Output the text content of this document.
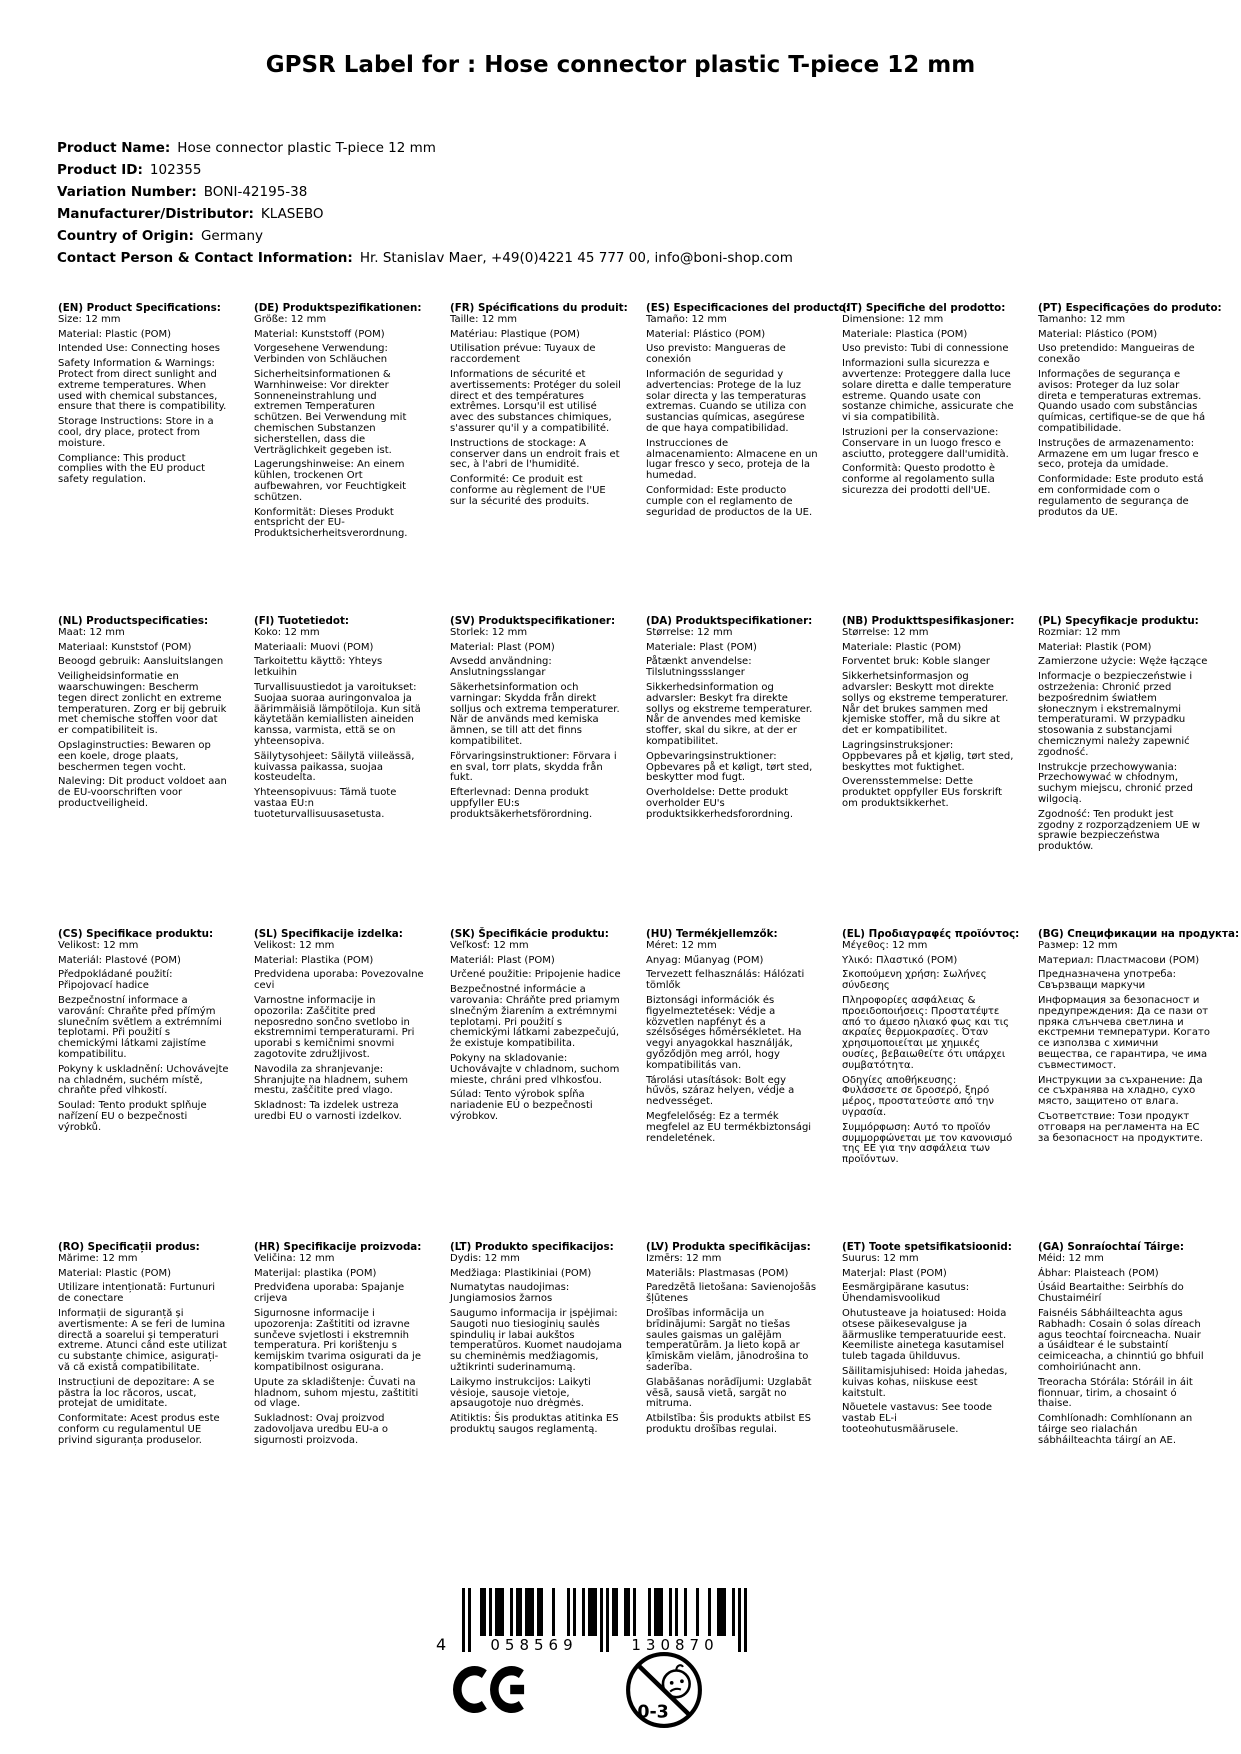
GPSR Label for : Hose connector plastic T-piece 12 mm
Product Name: Hose connector plastic T-piece 12 mm
Product ID: 102355
Variation Number: BONI-42195-38
Manufacturer/Distributor: KLASEBO
Country of Origin: Germany
Contact Person & Contact Information: Hr. Stanislav Maer, +49(0)4221 45 777 00, info@boni-shop.com
(EN) Product Specifications:

Size: 12 mm

Material: Plastic (POM)

Intended Use: Connecting hoses

Safety Information & Warnings: Protect from direct sunlight and extreme temperatures. When used with chemical substances, ensure that there is compatibility.

Storage Instructions: Store in a cool, dry place, protect from moisture.

Compliance: This product complies with the EU product safety regulation.

(DE) Produktspezifikationen:

Größe: 12 mm

Material: Kunststoff (POM)

Vorgesehene Verwendung: Verbinden von Schläuchen

Sicherheitsinformationen & Warnhinweise: Vor direkter Sonneneinstrahlung und extremen Temperaturen schützen. Bei Verwendung mit chemischen Substanzen sicherstellen, dass die Verträglichkeit gegeben ist.

Lagerungshinweise: An einem kühlen, trockenen Ort aufbewahren, vor Feuchtigkeit schützen.

Konformität: Dieses Produkt entspricht der EU-Produktsicherheitsverordnung.

(FR) Spécifications du produit:

Taille: 12 mm

Matériau: Plastique (POM)

Utilisation prévue: Tuyaux de raccordement

Informations de sécurité et avertissements: Protéger du soleil direct et des températures extrêmes. Lorsqu'il est utilisé avec des substances chimiques, s'assurer qu'il y a compatibilité.

Instructions de stockage: A conserver dans un endroit frais et sec, à l'abri de l'humidité.

Conformité: Ce produit est conforme au règlement de l'UE sur la sécurité des produits.

(ES) Especificaciones del producto:

Tamaño: 12 mm

Material: Plástico (POM)

Uso previsto: Mangueras de conexión

Información de seguridad y advertencias: Protege de la luz solar directa y las temperaturas extremas. Cuando se utiliza con sustancias químicas, asegúrese de que haya compatibilidad.

Instrucciones de almacenamiento: Almacene en un lugar fresco y seco, proteja de la humedad.

Conformidad: Este producto cumple con el reglamento de seguridad de productos de la UE.

(IT) Specifiche del prodotto:

Dimensione: 12 mm

Materiale: Plastica (POM)

Uso previsto: Tubi di connessione

Informazioni sulla sicurezza e avvertenze: Proteggere dalla luce solare diretta e dalle temperature estreme. Quando usate con sostanze chimiche, assicurate che vi sia compatibilità.

Istruzioni per la conservazione: Conservare in un luogo fresco e asciutto, proteggere dall'umidità.

Conformità: Questo prodotto è conforme al regolamento sulla sicurezza dei prodotti dell'UE.

(PT) Especificações do produto:

Tamanho: 12 mm

Material: Plástico (POM)

Uso pretendido: Mangueiras de conexão

Informações de segurança e avisos: Proteger da luz solar direta e temperaturas extremas. Quando usado com substâncias químicas, certifique-se de que há compatibilidade.

Instruções de armazenamento: Armazene em um lugar fresco e seco, proteja da umidade.

Conformidade: Este produto está em conformidade com o regulamento de segurança de produtos da UE.

(NL) Productspecificaties:

Maat: 12 mm

Materiaal: Kunststof (POM)

Beoogd gebruik: Aansluitslangen

Veiligheidsinformatie en waarschuwingen: Bescherm tegen direct zonlicht en extreme temperaturen. Zorg er bij gebruik met chemische stoffen voor dat er compatibiliteit is.

Opslaginstructies: Bewaren op een koele, droge plaats, beschermen tegen vocht.

Naleving: Dit product voldoet aan de EU-voorschriften voor productveiligheid.

(FI) Tuotetiedot:

Koko: 12 mm

Materiaali: Muovi (POM)

Tarkoitettu käyttö: Yhteys letkuihin

Turvallisuustiedot ja varoitukset: Suojaa suoraa auringonvaloa ja äärimmäisiä lämpötiloja. Kun sitä käytetään kemiallisten aineiden kanssa, varmista, että se on yhteensopiva.

Säilytysohjeet: Säilytä viileässä, kuivassa paikassa, suojaa kosteudelta.

Yhteensopivuus: Tämä tuote vastaa EU:n tuoteturvallisuusasetusta.

(SV) Produktspecifikationer:

Storlek: 12 mm

Material: Plast (POM)

Avsedd användning: Anslutningsslangar

Säkerhetsinformation och varningar: Skydda från direkt solljus och extrema temperaturer. När de används med kemiska ämnen, se till att det finns kompatibilitet.

Förvaringsinstruktioner: Förvara i en sval, torr plats, skydda från fukt.

Efterlevnad: Denna produkt uppfyller EU:s produktsäkerhetsförordning.

(DA) Produktspecifikationer:

Størrelse: 12 mm

Materiale: Plast (POM)

Påtænkt anvendelse: Tilslutningssslanger

Sikkerhedsinformation og advarsler: Beskyt fra direkte sollys og ekstreme temperaturer. Når de anvendes med kemiske stoffer, skal du sikre, at der er kompatibilitet.

Opbevaringsinstruktioner: Opbevares på et køligt, tørt sted, beskytter mod fugt.

Overholdelse: Dette produkt overholder EU's produktsikkerhedsforordning.

(NB) Produkttspesifikasjoner:

Størrelse: 12 mm

Materiale: Plastic (POM)

Forventet bruk: Koble slanger

Sikkerhetsinformasjon og advarsler: Beskytt mot direkte sollys og ekstreme temperaturer. Når det brukes sammen med kjemiske stoffer, må du sikre at det er kompatibilitet.

Lagringsinstruksjoner: Oppbevares på et kjølig, tørt sted, beskyttes mot fuktighet.

Overensstemmelse: Dette produktet oppfyller EUs forskrift om produktsikkerhet.

(PL) Specyfikacje produktu:

Rozmiar: 12 mm

Materiał: Plastik (POM)

Zamierzone użycie: Węże łączące

Informacje o bezpieczeństwie i ostrzeżenia: Chronić przed bezpośrednim światłem słonecznym i ekstremalnymi temperaturami. W przypadku stosowania z substancjami chemicznymi należy zapewnić zgodność.

Instrukcje przechowywania: Przechowywać w chłodnym, suchym miejscu, chronić przed wilgocią.

Zgodność: Ten produkt jest zgodny z rozporządzeniem UE w sprawie bezpieczeństwa produktów.

(CS) Specifikace produktu:

Velikost: 12 mm

Materiál: Plastové (POM)

Předpokládané použití: Připojovací hadice

Bezpečnostní informace a varování: Chraňte před přímým slunečním světlem a extrémními teplotami. Při použití s chemickými látkami zajistíme kompatibilitu.

Pokyny k uskladnění: Uchovávejte na chladném, suchém místě, chraňte před vlhkostí.

Soulad: Tento produkt splňuje nařízení EU o bezpečnosti výrobků.

(SL) Specifikacije izdelka:

Velikost: 12 mm

Material: Plastika (POM)

Predvidena uporaba: Povezovalne cevi

Varnostne informacije in opozorila: Zaščitite pred neposredno sončno svetlobo in ekstremnimi temperaturami. Pri uporabi s kemičnimi snovmi zagotovite združljivost.

Navodila za shranjevanje: Shranjujte na hladnem, suhem mestu, zaščitite pred vlago.

Skladnost: Ta izdelek ustreza uredbi EU o varnosti izdelkov.

(SK) Špecifikácie produktu:

Veľkosť: 12 mm

Materiál: Plast (POM)

Určené použitie: Pripojenie hadice

Bezpečnostné informácie a varovania: Chráňte pred priamym slnečným žiarením a extrémnymi teplotami. Pri použití s chemickými látkami zabezpečujú, že existuje kompatibilita.

Pokyny na skladovanie: Uchovávajte v chladnom, suchom mieste, chráni pred vlhkosťou.

Súlad: Tento výrobok spĺňa nariadenie EÚ o bezpečnosti výrobkov.

(HU) Termékjellemzők:

Méret: 12 mm

Anyag: Műanyag (POM)

Tervezett felhasználás: Hálózati tömlők

Biztonsági információk és figyelmeztetések: Védje a közvetlen napfényt és a szélsőséges hőmérsékletet. Ha vegyi anyagokkal használják, győződjön meg arról, hogy kompatibilitás van.

Tárolási utasítások: Bolt egy hűvös, száraz helyen, védje a nedvességet.

Megfelelőség: Ez a termék megfelel az EU termékbiztonsági rendeletének.

(EL) Προδιαγραφές προϊόντος:

Μέγεθος: 12 mm

Υλικό: Πλαστικό (POM)

Σκοπούμενη χρήση: Σωλήνες σύνδεσης

Πληροφορίες ασφάλειας & προειδοποιήσεις: Προστατέψτε από το άμεσο ηλιακό φως και τις ακραίες θερμοκρασίες. Όταν χρησιμοποιείται με χημικές ουσίες, βεβαιωθείτε ότι υπάρχει συμβατότητα.

Οδηγίες αποθήκευσης: Φυλάσσετε σε δροσερό, ξηρό μέρος, προστατεύστε από την υγρασία.

Συμμόρφωση: Αυτό το προϊόν συμμορφώνεται με τον κανονισμό της ΕΕ για την ασφάλεια των προϊόντων.

(BG) Спецификации на продукта:

Размер: 12 mm

Материал: Пластмасови (POM)

Предназначена употреба: Свързващи маркучи

Информация за безопасност и предупреждения: Да се пази от пряка слънчева светлина и екстремни температури. Когато се използва с химични вещества, се гарантира, че има съвместимост.

Инструкции за съхранение: Да се съхранява на хладно, сухо място, защитено от влага.

Съответствие: Този продукт отговаря на регламента на ЕС за безопасност на продуктите.

(RO) Specificații produs:

Mărime: 12 mm

Material: Plastic (POM)

Utilizare intenționată: Furtunuri de conectare

Informații de siguranță și avertismente: A se feri de lumina directă a soarelui și temperaturi extreme. Atunci când este utilizat cu substanțe chimice, asigurați-vă că există compatibilitate.

Instrucțiuni de depozitare: A se păstra la loc răcoros, uscat, protejat de umiditate.

Conformitate: Acest produs este conform cu regulamentul UE privind siguranța produselor.

(HR) Specifikacije proizvoda:

Veličina: 12 mm

Materijal: plastika (POM)

Predviđena uporaba: Spajanje crijeva

Sigurnosne informacije i upozorenja: Zaštititi od izravne sunčeve svjetlosti i ekstremnih temperatura. Pri korištenju s kemijskim tvarima osigurati da je kompatibilnost osigurana.

Upute za skladištenje: Čuvati na hladnom, suhom mjestu, zaštititi od vlage.

Sukladnost: Ovaj proizvod zadovoljava uredbu EU-a o sigurnosti proizvoda.

(LT) Produkto specifikacijos:

Dydis: 12 mm

Medžiaga: Plastikiniai (POM)

Numatytas naudojimas: Jungiamosios žarnos

Saugumo informacija ir įspėjimai: Saugoti nuo tiesioginių saulės spindulių ir labai aukštos temperatūros. Kuomet naudojama su cheminėmis medžiagomis, užtikrinti suderinamumą.

Laikymo instrukcijos: Laikyti vėsioje, sausoje vietoje, apsaugotoje nuo drėgmės.

Atitiktis: Šis produktas atitinka ES produktų saugos reglamentą.

(LV) Produkta specifikācijas:

Izmērs: 12 mm

Materiāls: Plastmasas (POM)

Paredzētā lietošana: Savienojošās šļūtenes

Drošības informācija un brīdinājumi: Sargāt no tiešas saules gaismas un galējām temperatūrām. Ja lieto kopā ar ķīmiskām vielām, jānodrošina to saderība.

Glabāšanas norādījumi: Uzglabāt vēsā, sausā vietā, sargāt no mitruma.

Atbilstība: Šis produkts atbilst ES produktu drošības regulai.

(ET) Toote spetsifikatsioonid:

Suurus: 12 mm

Materjal: Plast (POM)

Eesmärgipärane kasutus: Ühendamisvoolikud

Ohutusteave ja hoiatused: Hoida otsese päikesevalguse ja äärmuslike temperatuuride eest. Keemiliste ainetega kasutamisel tuleb tagada ühilduvus.

Säilitamisjuhised: Hoida jahedas, kuivas kohas, niiskuse eest kaitstult.

Nõuetele vastavus: See toode vastab EL-i tooteohutusmäärusele.

(GA) Sonraíochtaí Táirge:

Méid: 12 mm

Ábhar: Plaisteach (POM)

Úsáid Beartaithe: Seirbhís do Chustaiméirí

Faisnéis Sábháilteachta agus Rabhadh: Cosain ó solas díreach agus teochtaí foircneacha. Nuair a úsáidtear é le substaintí ceimiceacha, a chinntiú go bhfuil comhoiriúnacht ann.

Treoracha Stórála: Stóráil in áit fionnuar, tirim, a chosaint ó thaise.

Comhlíonadh: Comhlíonann an táirge seo rialachán sábháilteachta táirgí an AE.

4	058569	130870
0-3
